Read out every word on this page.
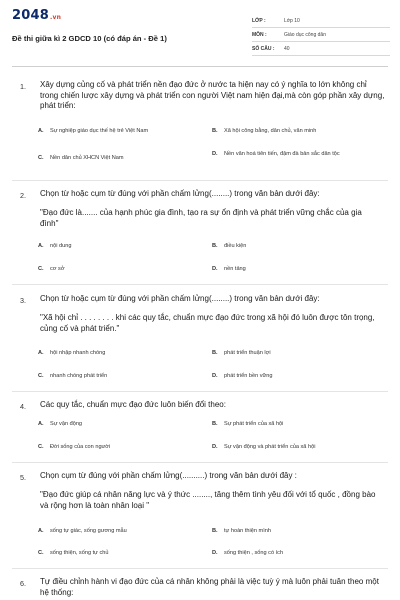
2048.vn
Đề thi giữa kì 2 GDCD 10 (có đáp án - Đề 1)
LỚP :	Lớp 10
MÔN :	Giáo dục công dân
SỐ CÂU :	40
1. Xây dựng củng cố và phát triển nền đạo đức ở nước ta hiện nay có ý nghĩa to lớn không chỉ trong chiến lược xây dựng và phát triển con người Việt nam hiện đại,mà còn góp phần xây dựng, phát triển:
A.	Sự nghiệp giáo dục thế hệ trẻ Việt Nam	B.	Xã hội công bằng, dân chủ, văn minh
C.	Nền dân chủ XHCN Việt Nam
D.	Nền văn hoá tiên tiến, đậm đà bản sắc dân tộc
2. Chọn từ hoặc cụm từ đúng với phần chấm lửng(........) trong văn bản dưới đây:
"Đạo đức là....... của hạnh phúc gia đình, tạo ra sự ổn định và phát triển vững chắc của gia đình"
A.	nội dung	B.	điều kiện
C.	cơ sở	D.	nền tảng
3. Chọn từ hoặc cụm từ đúng với phần chấm lửng(........) trong văn bản dưới đây:
"Xã hội chỉ . . . . . . . . khi các quy tắc, chuẩn mực đạo đức trong xã hội đó luôn được tôn trọng, củng cố và phát triển."
A.	hội nhập nhanh chóng	B.	phát triển thuận lợi
C.	nhanh chóng phát triển	D.	phát triển bền vững
4. Các quy tắc, chuẩn mực đạo đức luôn biến đổi theo:
A.	Sự vận động	B.	Sự phát triển của xã hội
C.	Đời sống của con người	D.	Sự vận động và phát triển của xã hội
5. Chọn cụm từ đúng với phần chấm lửng(..........) trong văn bản dưới đây :
"Đạo đức giúp cá nhân năng lực và ý thức ........, tăng thêm tình yêu đối với tổ quốc , đồng bào và rộng hơn là toàn nhân loại "
A.	sống tự giác, sống gương mẫu	B.	tự hoàn thiện mình
C.	sống thiện, sống tự chủ	D.	sống thiện , sống có ích
6. Tự điều chỉnh hành vi đạo đức của cá nhân không phải là việc tuỳ ý mà luôn phải tuân theo một hệ thống:
